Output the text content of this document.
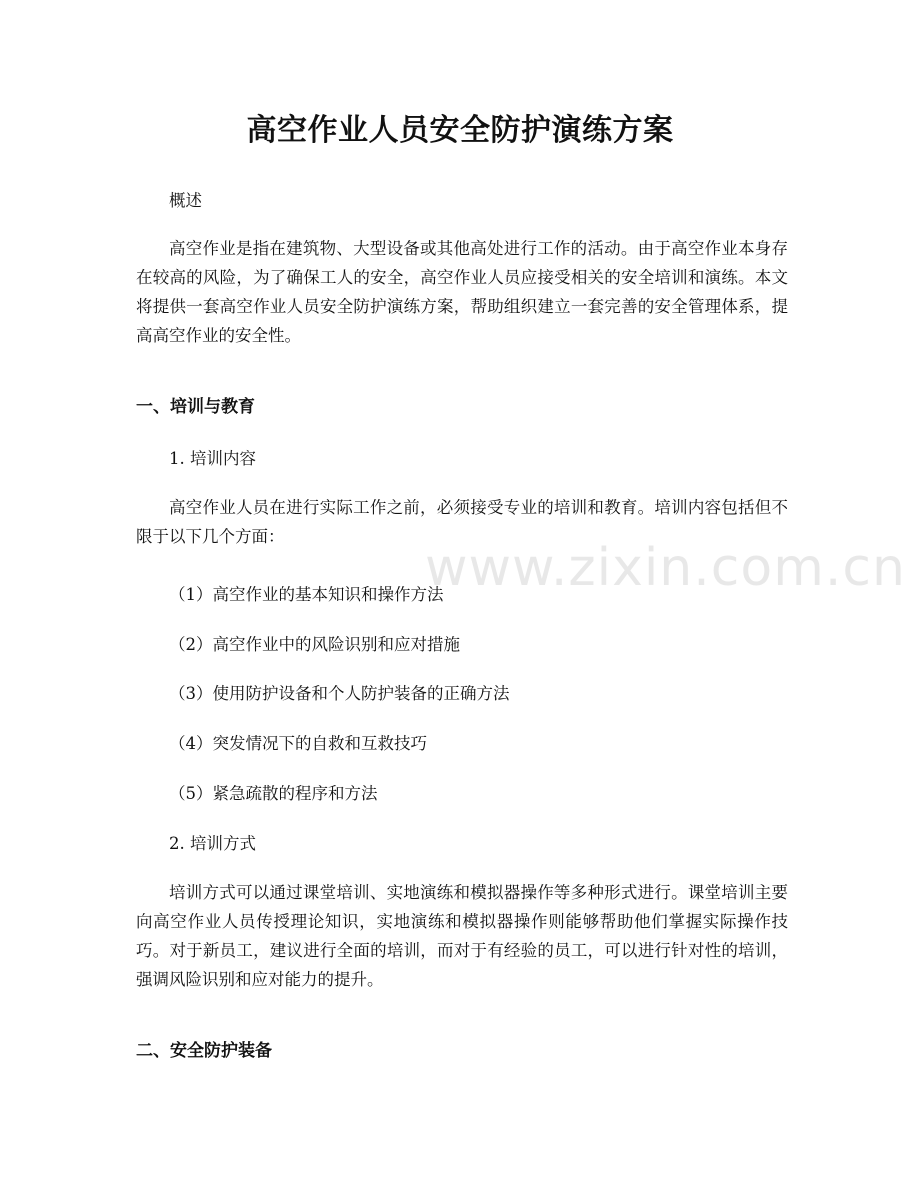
高空作业人员安全防护演练方案

概述

高空作业是指在建筑物、大型设备或其他高处进行工作的活动。由于高空作业本身存在较高的风险，为了确保工人的安全，高空作业人员应接受相关的安全培训和演练。本文将提供一套高空作业人员安全防护演练方案，帮助组织建立一套完善的安全管理体系，提高高空作业的安全性。

一、培训与教育

1. 培训内容

高空作业人员在进行实际工作之前，必须接受专业的培训和教育。培训内容包括但不限于以下几个方面：

（1）高空作业的基本知识和操作方法

（2）高空作业中的风险识别和应对措施

（3）使用防护设备和个人防护装备的正确方法

（4）突发情况下的自救和互救技巧

（5）紧急疏散的程序和方法

2. 培训方式

培训方式可以通过课堂培训、实地演练和模拟器操作等多种形式进行。课堂培训主要向高空作业人员传授理论知识，实地演练和模拟器操作则能够帮助他们掌握实际操作技巧。对于新员工，建议进行全面的培训，而对于有经验的员工，可以进行针对性的培训，强调风险识别和应对能力的提升。

二、安全防护装备
www.zixin.com.cn
